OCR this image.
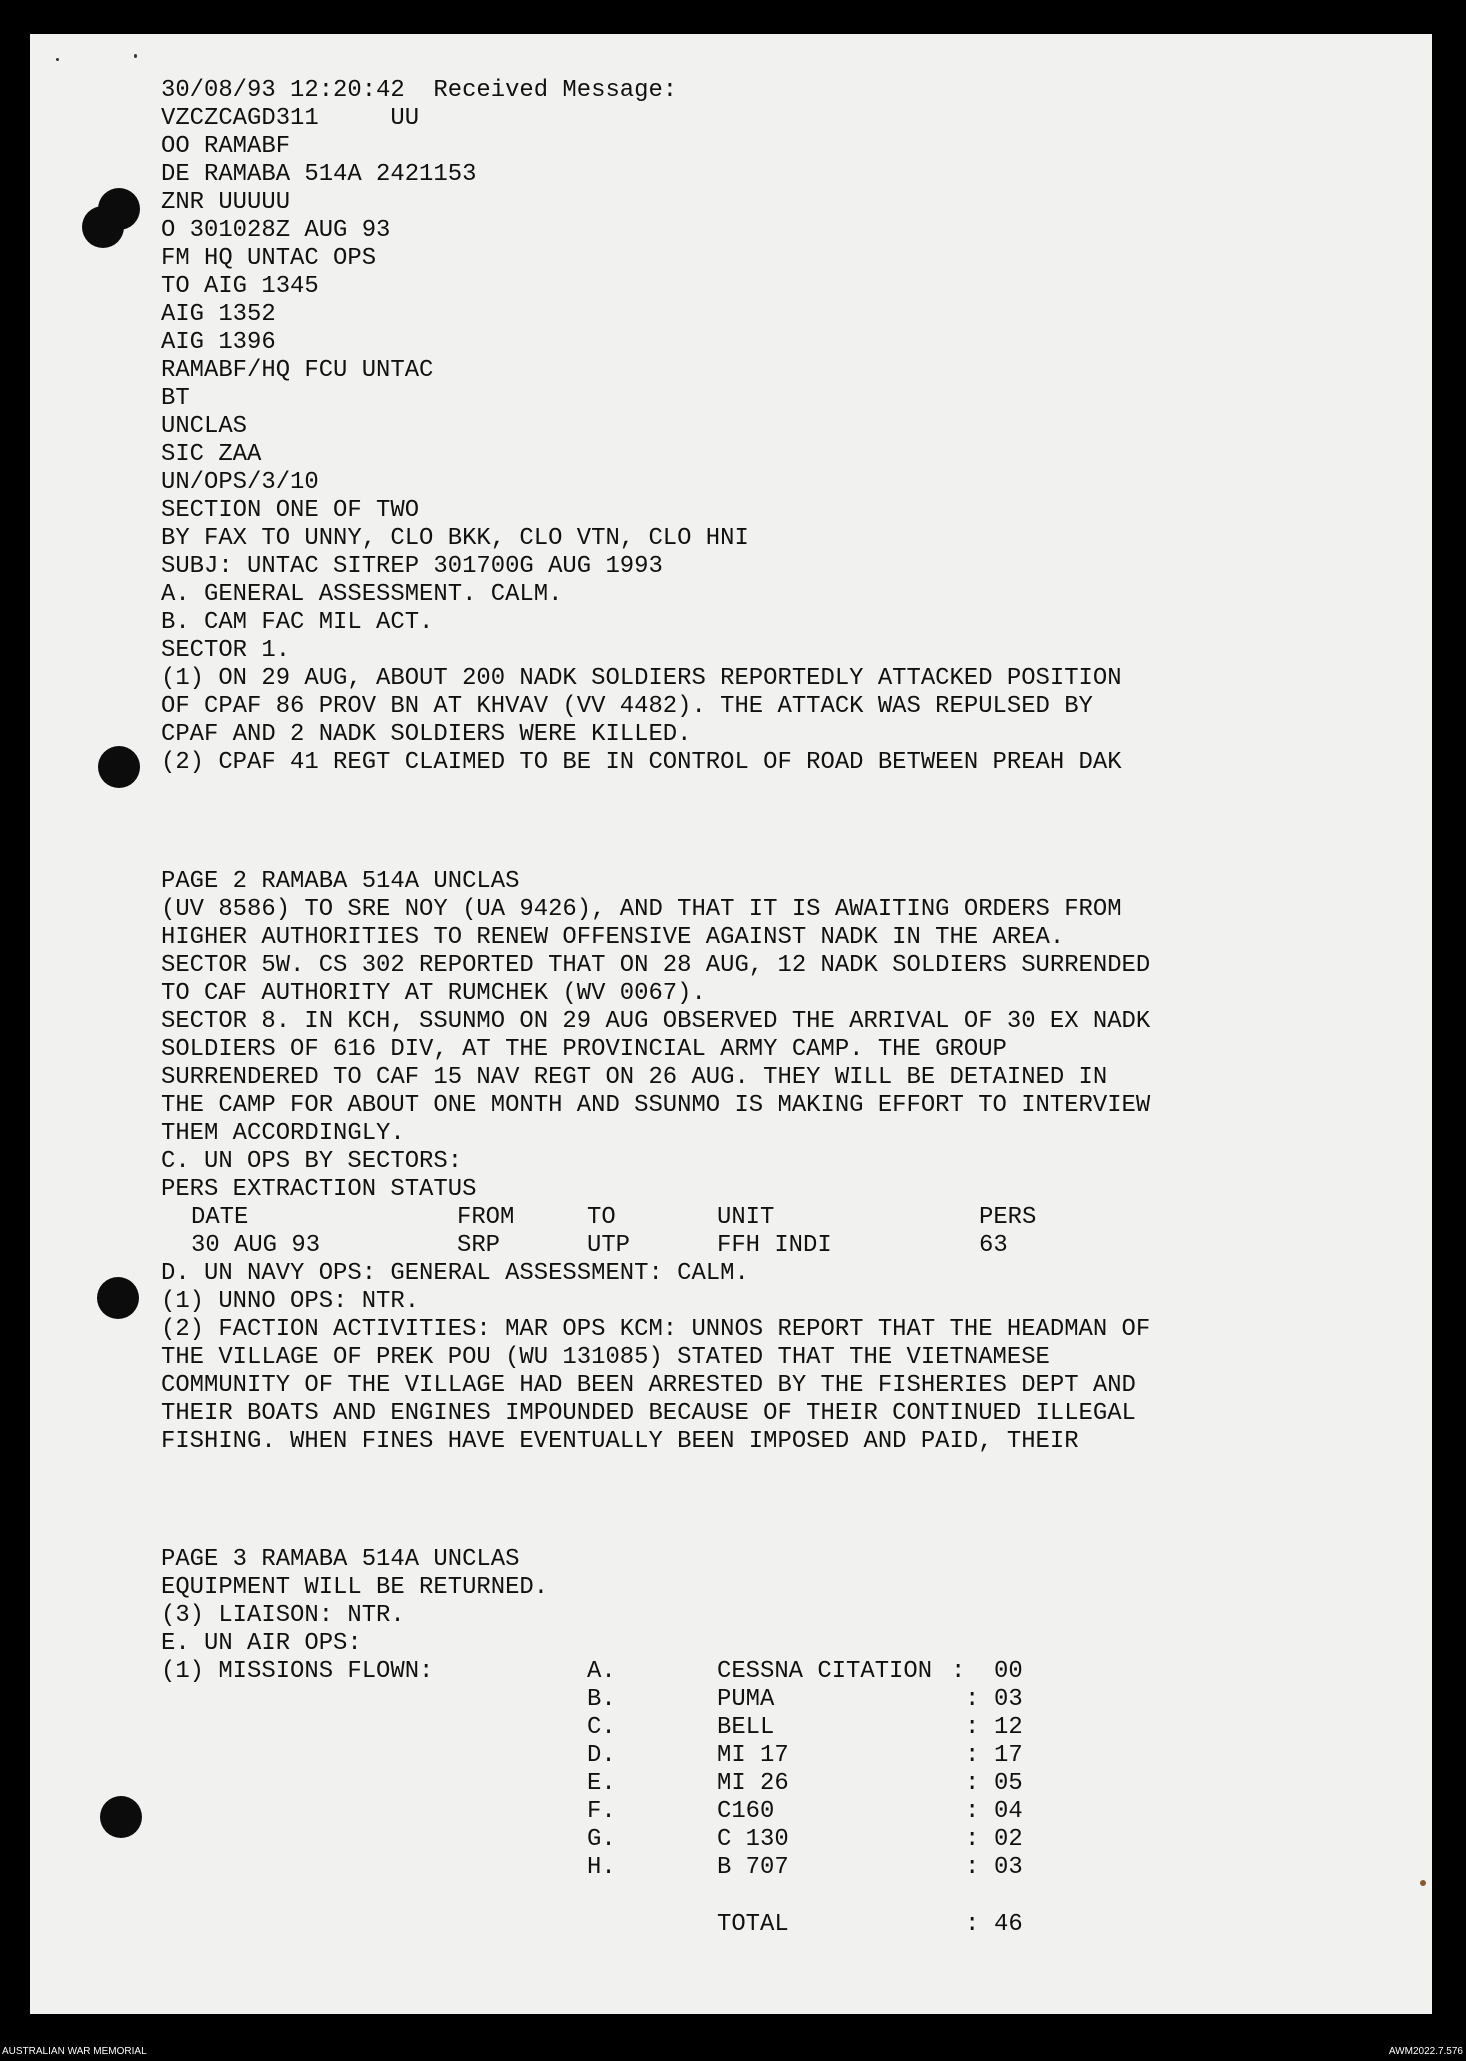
30/08/93 12:20:42  Received Message:

VZCZCAGD311     UU

OO RAMABF

DE RAMABA 514A 2421153

ZNR UUUUU

O 301028Z AUG 93

FM HQ UNTAC OPS

TO AIG 1345

AIG 1352

AIG 1396

RAMABF/HQ FCU UNTAC

BT

UNCLAS

SIC ZAA

UN/OPS/3/10

SECTION ONE OF TWO

BY FAX TO UNNY, CLO BKK, CLO VTN, CLO HNI

SUBJ: UNTAC SITREP 301700G AUG 1993

A. GENERAL ASSESSMENT. CALM.

B. CAM FAC MIL ACT.

SECTOR 1.

(1) ON 29 AUG, ABOUT 200 NADK SOLDIERS REPORTEDLY ATTACKED POSITION

OF CPAF 86 PROV BN AT KHVAV (VV 4482). THE ATTACK WAS REPULSED BY

CPAF AND 2 NADK SOLDIERS WERE KILLED.

(2) CPAF 41 REGT CLAIMED TO BE IN CONTROL OF ROAD BETWEEN PREAH DAK

PAGE 2 RAMABA 514A UNCLAS

(UV 8586) TO SRE NOY (UA 9426), AND THAT IT IS AWAITING ORDERS FROM

HIGHER AUTHORITIES TO RENEW OFFENSIVE AGAINST NADK IN THE AREA.

SECTOR 5W. CS 302 REPORTED THAT ON 28 AUG, 12 NADK SOLDIERS SURRENDED

TO CAF AUTHORITY AT RUMCHEK (WV 0067).

SECTOR 8. IN KCH, SSUNMO ON 29 AUG OBSERVED THE ARRIVAL OF 30 EX NADK

SOLDIERS OF 616 DIV, AT THE PROVINCIAL ARMY CAMP. THE GROUP

SURRENDERED TO CAF 15 NAV REGT ON 26 AUG. THEY WILL BE DETAINED IN

THE CAMP FOR ABOUT ONE MONTH AND SSUNMO IS MAKING EFFORT TO INTERVIEW

THEM ACCORDINGLY.

C. UN OPS BY SECTORS:

PERS EXTRACTION STATUS

DATE	FROM	TO	UNIT	PERS

30 AUG 93	SRP	UTP	FFH INDI	63

D. UN NAVY OPS: GENERAL ASSESSMENT: CALM.

(1) UNNO OPS: NTR.

(2) FACTION ACTIVITIES: MAR OPS KCM: UNNOS REPORT THAT THE HEADMAN OF

THE VILLAGE OF PREK POU (WU 131085) STATED THAT THE VIETNAMESE

COMMUNITY OF THE VILLAGE HAD BEEN ARRESTED BY THE FISHERIES DEPT AND

THEIR BOATS AND ENGINES IMPOUNDED BECAUSE OF THEIR CONTINUED ILLEGAL

FISHING. WHEN FINES HAVE EVENTUALLY BEEN IMPOSED AND PAID, THEIR

PAGE 3 RAMABA 514A UNCLAS

EQUIPMENT WILL BE RETURNED.

(3) LIAISON: NTR.

E. UN AIR OPS:

(1) MISSIONS FLOWN:	A.	CESSNA CITATION : 00

B.	PUMA	: 03

C.	BELL	: 12

D.	MI 17	: 17

E.	MI 26	: 05

F.	C160	: 04

G.	C 130	: 02

H.	B 707	: 03

TOTAL	: 46

AUSTRALIAN WAR MEMORIAL	AWM2022.7.576
